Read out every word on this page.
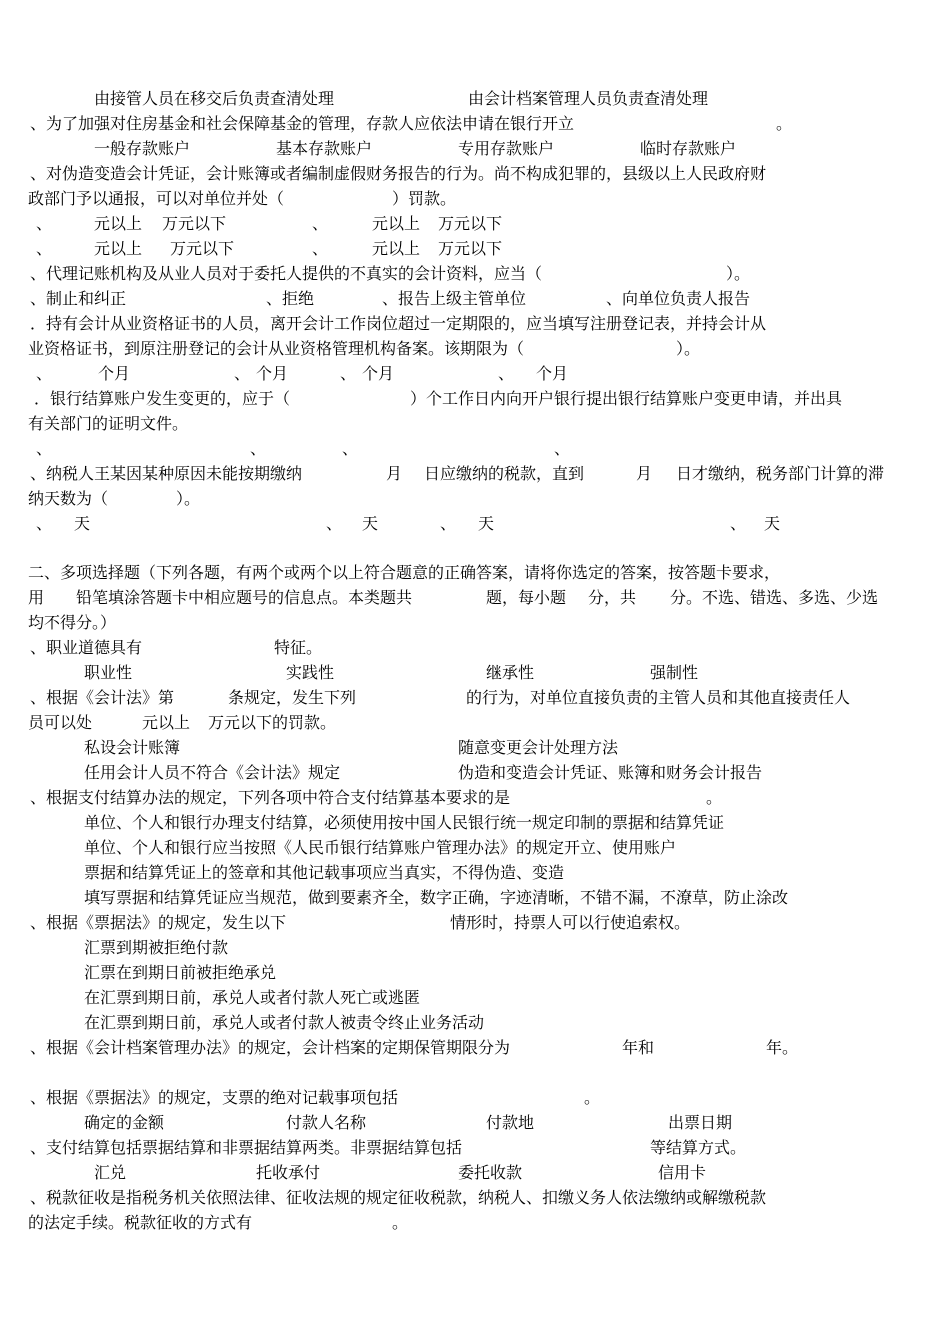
由接管人员在移交后负责查清处理	由会计档案管理人员负责查清处理
、为了加强对住房基金和社会保障基金的管理，存款人应依法申请在银行开立	。
一般存款账户	基本存款账户	专用存款账户	临时存款账户
、对伪造变造会计凭证，会计账簿或者编制虚假财务报告的行为。尚不构成犯罪的，县级以上人民政府财
政部门予以通报，可以对单位并处（	）罚款。
、	元以上 万元以下	、	元以上 万元以下
、	元以上 万元以下	、	元以上 万元以下
、代理记账机构及从业人员对于委托人提供的不真实的会计资料，应当（	）。
、制止和纠正	、拒绝	、报告上级主管单位	、向单位负责人报告
．持有会计从业资格证书的人员，离开会计工作岗位超过一定期限的，应当填写注册登记表，并持会计从
业资格证书，到原注册登记的会计从业资格管理机构备案。该期限为（	）。
、	个月	、 个月	、 个月	、 个月
．银行结算账户发生变更的，应于（	）个工作日内向开户银行提出银行结算账户变更申请，并出具
有关部门的证明文件。
、	、	、	、
、纳税人王某因某种原因未能按期缴纳	月 日应缴纳的税款，直到	月 日才缴纳，税务部门计算的滞
纳天数为（	）。
、 天	、 天	、 天	、 天
二、多项选择题（下列各题，有两个或两个以上符合题意的正确答案，请将你选定的答案，按答题卡要求，
用 铅笔填涂答题卡中相应题号的信息点。本类题共	题，每小题 分，共 分。不选、错选、多选、少选
均不得分。）
、职业道德具有	特征。
职业性	实践性	继承性	强制性
、根据《会计法》第	条规定，发生下列	的行为，对单位直接负责的主管人员和其他直接责任人
员可以处	元以上 万元以下的罚款。
私设会计账簿	随意变更会计处理方法
任用会计人员不符合《会计法》规定	伪造和变造会计凭证、账簿和财务会计报告
、根据支付结算办法的规定，下列各项中符合支付结算基本要求的是	。
单位、个人和银行办理支付结算，必须使用按中国人民银行统一规定印制的票据和结算凭证
单位、个人和银行应当按照《人民币银行结算账户管理办法》的规定开立、使用账户
票据和结算凭证上的签章和其他记载事项应当真实，不得伪造、变造
填写票据和结算凭证应当规范，做到要素齐全，数字正确，字迹清晰，不错不漏，不潦草，防止涂改
、根据《票据法》的规定，发生以下	情形时，持票人可以行使追索权。
汇票到期被拒绝付款
汇票在到期日前被拒绝承兑
在汇票到期日前，承兑人或者付款人死亡或逃匿
在汇票到期日前，承兑人或者付款人被责令终止业务活动
、根据《会计档案管理办法》的规定，会计档案的定期保管期限分为	年和	年。
、根据《票据法》的规定，支票的绝对记载事项包括	。
确定的金额	付款人名称	付款地	出票日期
、支付结算包括票据结算和非票据结算两类。非票据结算包括	等结算方式。
汇兑	托收承付	委托收款	信用卡
、税款征收是指税务机关依照法律、征收法规的规定征收税款，纳税人、扣缴义务人依法缴纳或解缴税款
的法定手续。税款征收的方式有	。
